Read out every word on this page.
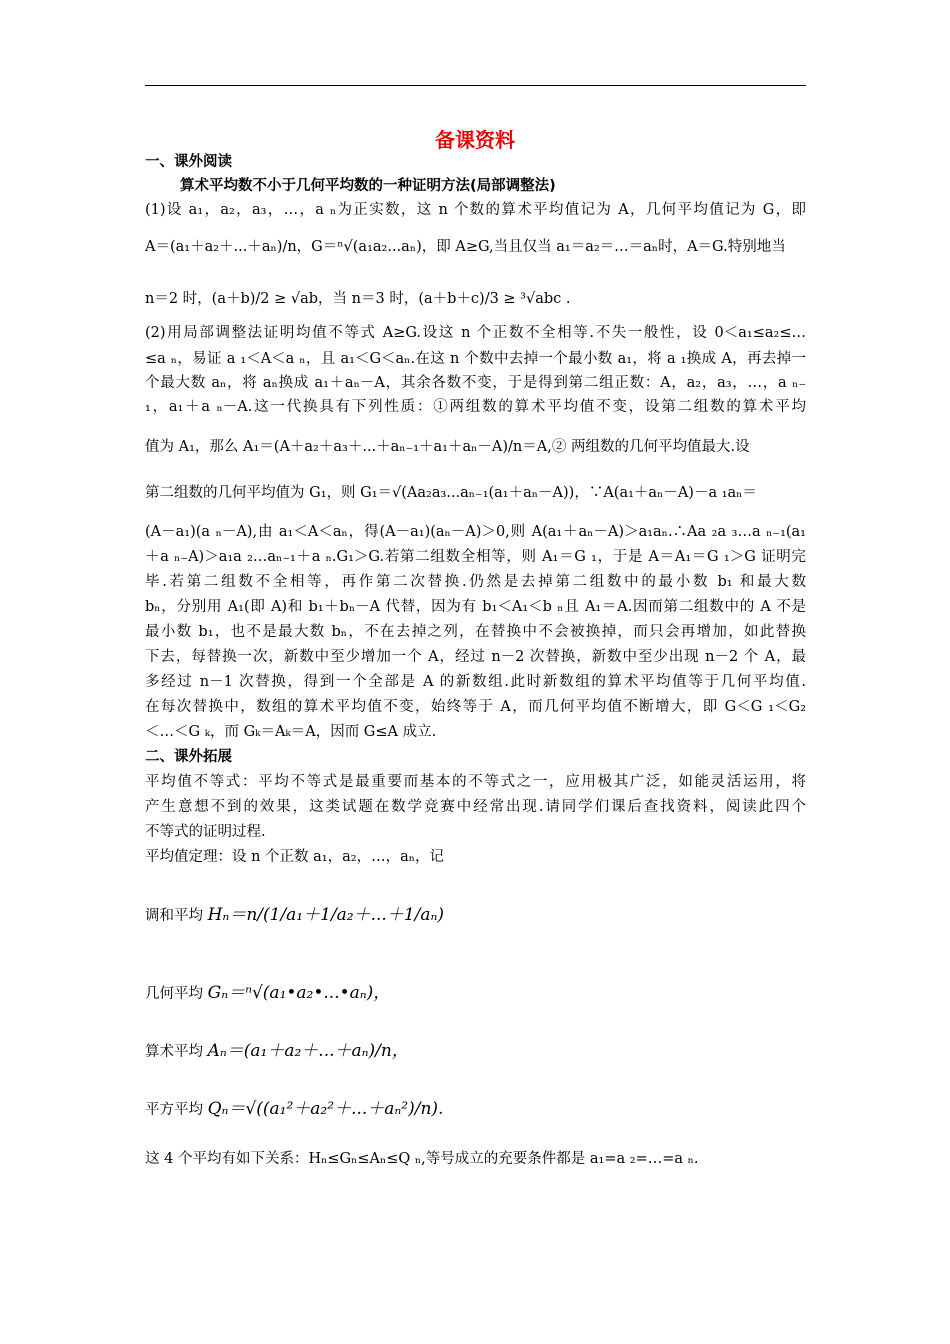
备课资料
一、课外阅读
算术平均数不小于几何平均数的一种证明方法(局部调整法)
(1)设 a₁，a₂，a₃，…，a ₙ为正实数，这 n 个数的算术平均值记为 A，几何平均值记为 G，即
A＝(a₁＋a₂＋...＋aₙ)/n，G＝ⁿ√(a₁a₂...aₙ)，即 A≥G,当且仅当 a₁＝a₂＝…＝aₙ时，A＝G.特别地当
n＝2 时，(a＋b)/2 ≥ √ab，当 n＝3 时，(a＋b＋c)/3 ≥ ³√abc .
(2)用局部调整法证明均值不等式 A≥G.设这 n 个正数不全相等.不失一般性，设 0＜a₁≤a₂≤…
≤a ₙ，易证 a ₁＜A＜a ₙ，且 a₁＜G＜aₙ.在这 n 个数中去掉一个最小数 a₁，将 a ₁换成 A，再去掉一
个最大数 aₙ，将 aₙ换成 a₁＋aₙ－A，其余各数不变，于是得到第二组正数：A，a₂，a₃，…，a ₙ₋
₁，a₁＋a ₙ－A.这一代换具有下列性质：①两组数的算术平均值不变，设第二组数的算术平均
值为 A₁，那么 A₁＝(A＋a₂＋a₃＋...＋aₙ₋₁＋a₁＋aₙ－A)/n＝A,② 两组数的几何平均值最大.设
第二组数的几何平均值为 G₁，则 G₁＝√(Aa₂a₃...aₙ₋₁(a₁＋aₙ－A))，∵A(a₁＋aₙ－A)－a ₁aₙ＝
(A－a₁)(a ₙ－A),由 a₁＜A＜aₙ，得(A－a₁)(aₙ－A)＞0,则 A(a₁＋aₙ－A)＞a₁aₙ.∴Aa ₂a ₃…a ₙ₋₁(a₁
＋a ₙ₋A)＞a₁a ₂…aₙ₋₁＋a ₙ.G₁＞G.若第二组数全相等，则 A₁＝G ₁，于是 A＝A₁＝G ₁＞G 证明完
毕.若第二组数不全相等，再作第二次替换.仍然是去掉第二组数中的最小数 b₁ 和最大数
bₙ，分别用 A₁(即 A)和 b₁＋bₙ－A 代替，因为有 b₁＜A₁＜b ₙ且 A₁＝A.因而第二组数中的 A 不是
最小数 b₁，也不是最大数 bₙ，不在去掉之列，在替换中不会被换掉，而只会再增加，如此替换
下去，每替换一次，新数中至少增加一个 A，经过 n－2 次替换，新数中至少出现 n－2 个 A，最
多经过 n－1 次替换，得到一个全部是 A 的新数组.此时新数组的算术平均值等于几何平均值.
在每次替换中，数组的算术平均值不变，始终等于 A，而几何平均值不断增大，即 G＜G ₁＜G₂
＜…＜G ₖ，而 Gₖ＝Aₖ＝A，因而 G≤A 成立.
二、课外拓展
平均值不等式：平均不等式是最重要而基本的不等式之一，应用极其广泛，如能灵活运用，将
产生意想不到的效果，这类试题在数学竞赛中经常出现.请同学们课后查找资料，阅读此四个
不等式的证明过程.
平均值定理：设 n 个正数 a₁，a₂，…，aₙ，记
调和平均 Hₙ＝n/(1/a₁＋1/a₂＋...＋1/aₙ)
几何平均 Gₙ＝ⁿ√(a₁•a₂•...•aₙ)，
算术平均 Aₙ＝(a₁＋a₂＋...＋aₙ)/n，
平方平均 Qₙ＝√((a₁²＋a₂²＋...＋aₙ²)/n).
这 4 个平均有如下关系：Hₙ≤Gₙ≤Aₙ≤Q ₙ,等号成立的充要条件都是 a₁=a ₂=…=a ₙ.
